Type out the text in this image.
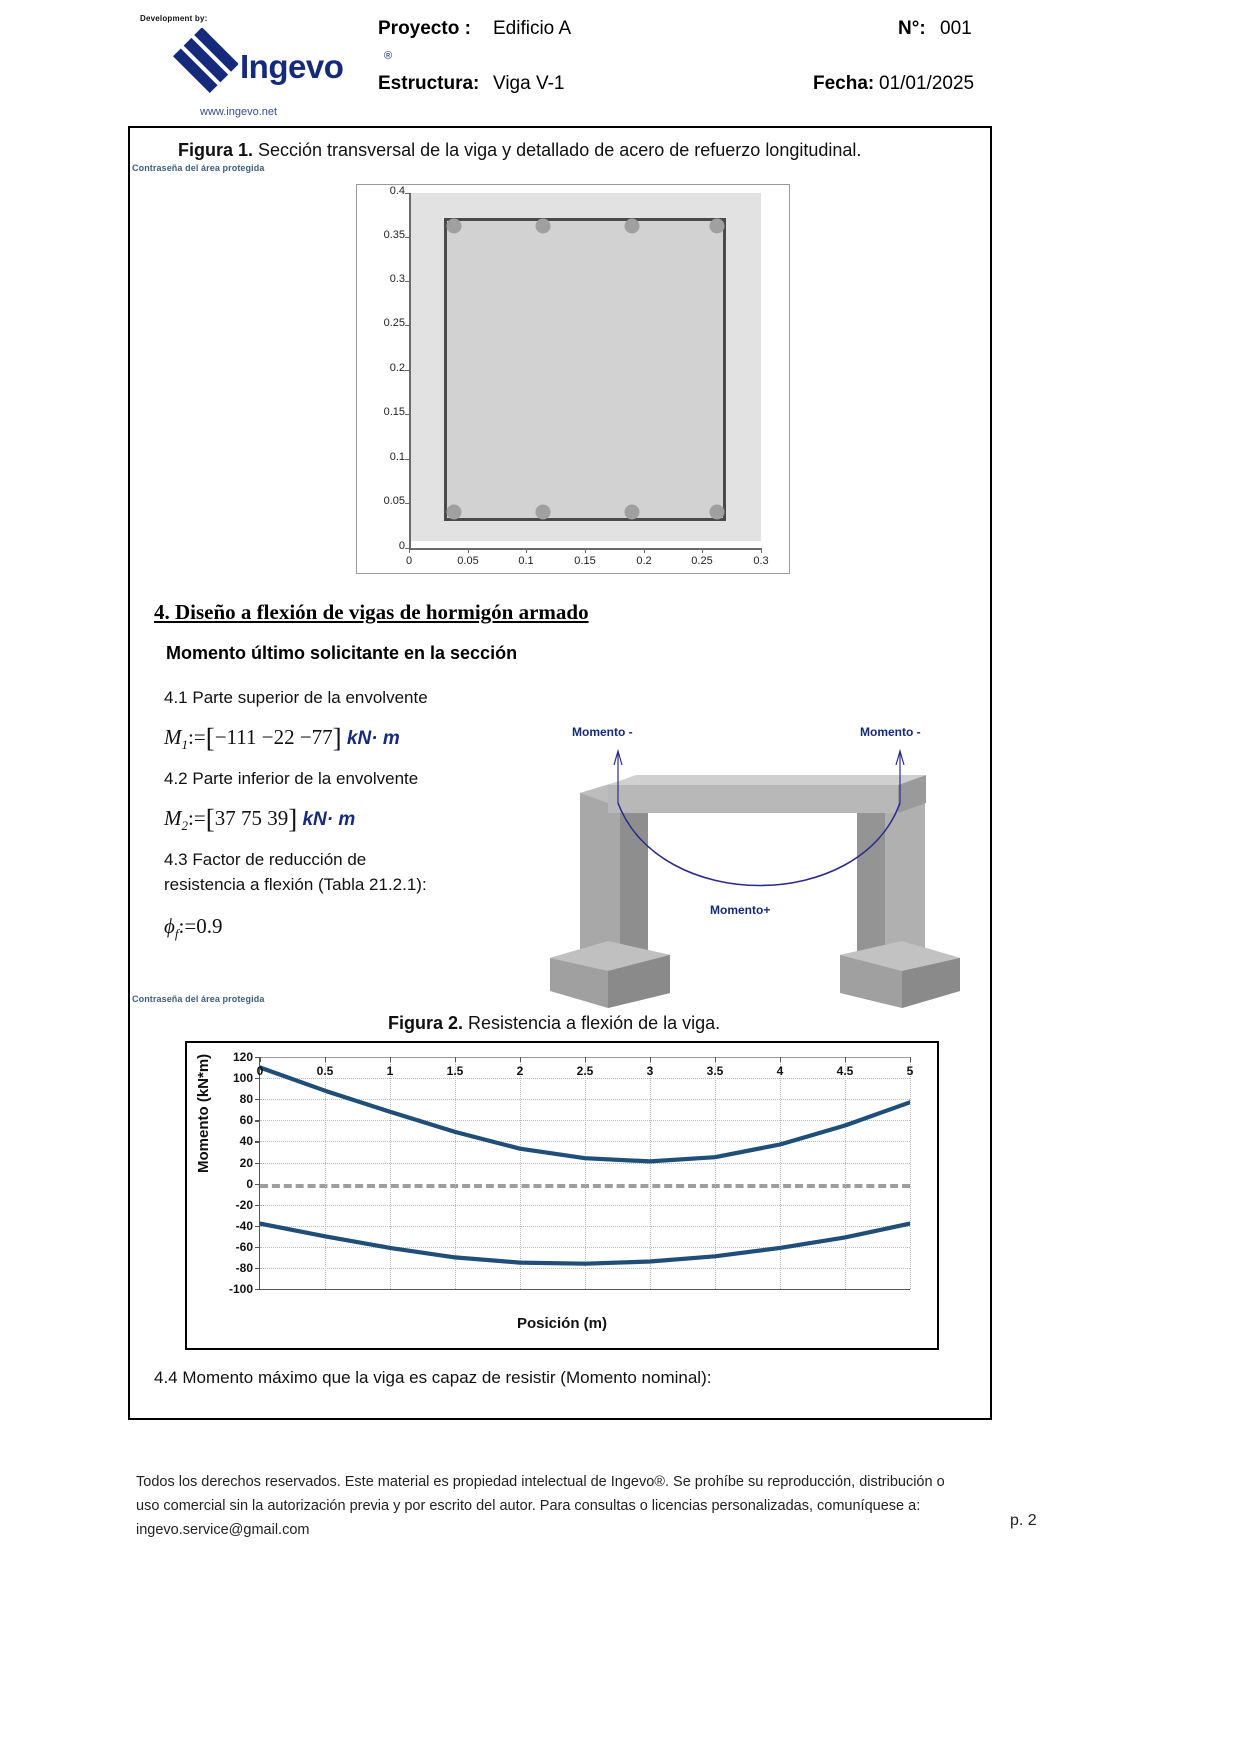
Development by:
Ingevo	®
www.ingevo.net
Proyecto : Edificio A
Estructura: Viga V-1
N°: 001
Fecha: 01/01/2025
Contraseña del área protegida
Figura 1. Sección transversal de la viga y detallado de acero de refuerzo longitudinal.
0
0.05
0.1
0.15
0.2
0.25
0.3
0.35
0.4
0	0.05	0.1	0.15	0.2	0.25	0.3
4. Diseño a flexión de vigas de hormigón armado
Momento último solicitante en la sección
4.1 Parte superior de la envolvente
$M_1:=[-111 -22 -77]$ kN· m
4.2 Parte inferior de la envolvente
$M_2:=[37$ 75 39] kN· m
4.3 Factor de reducción de
resistencia a flexión (Tabla 21.2.1):
$\phi_f:=0.9$
Momento -	Momento -
Momento+
Contraseña del área protegida
Figura 2. Resistencia a flexión de la viga.
Momento (kN*m)
Posición (m)
120
100
80
60
40
20
0
-20
-40
-60
-80
-100
0	0.5	1	1.5	2	2.5	3	3.5	4	4.5	5
4.4 Momento máximo que la viga es capaz de resistir (Momento nominal):
Todos los derechos reservados. Este material es propiedad intelectual de Ingevo®. Se prohíbe su reproducción, distribución o
uso comercial sin la autorización previa y por escrito del autor. Para consultas o licencias personalizadas, comuníquese a:
ingevo.service@gmail.com
p. 2
